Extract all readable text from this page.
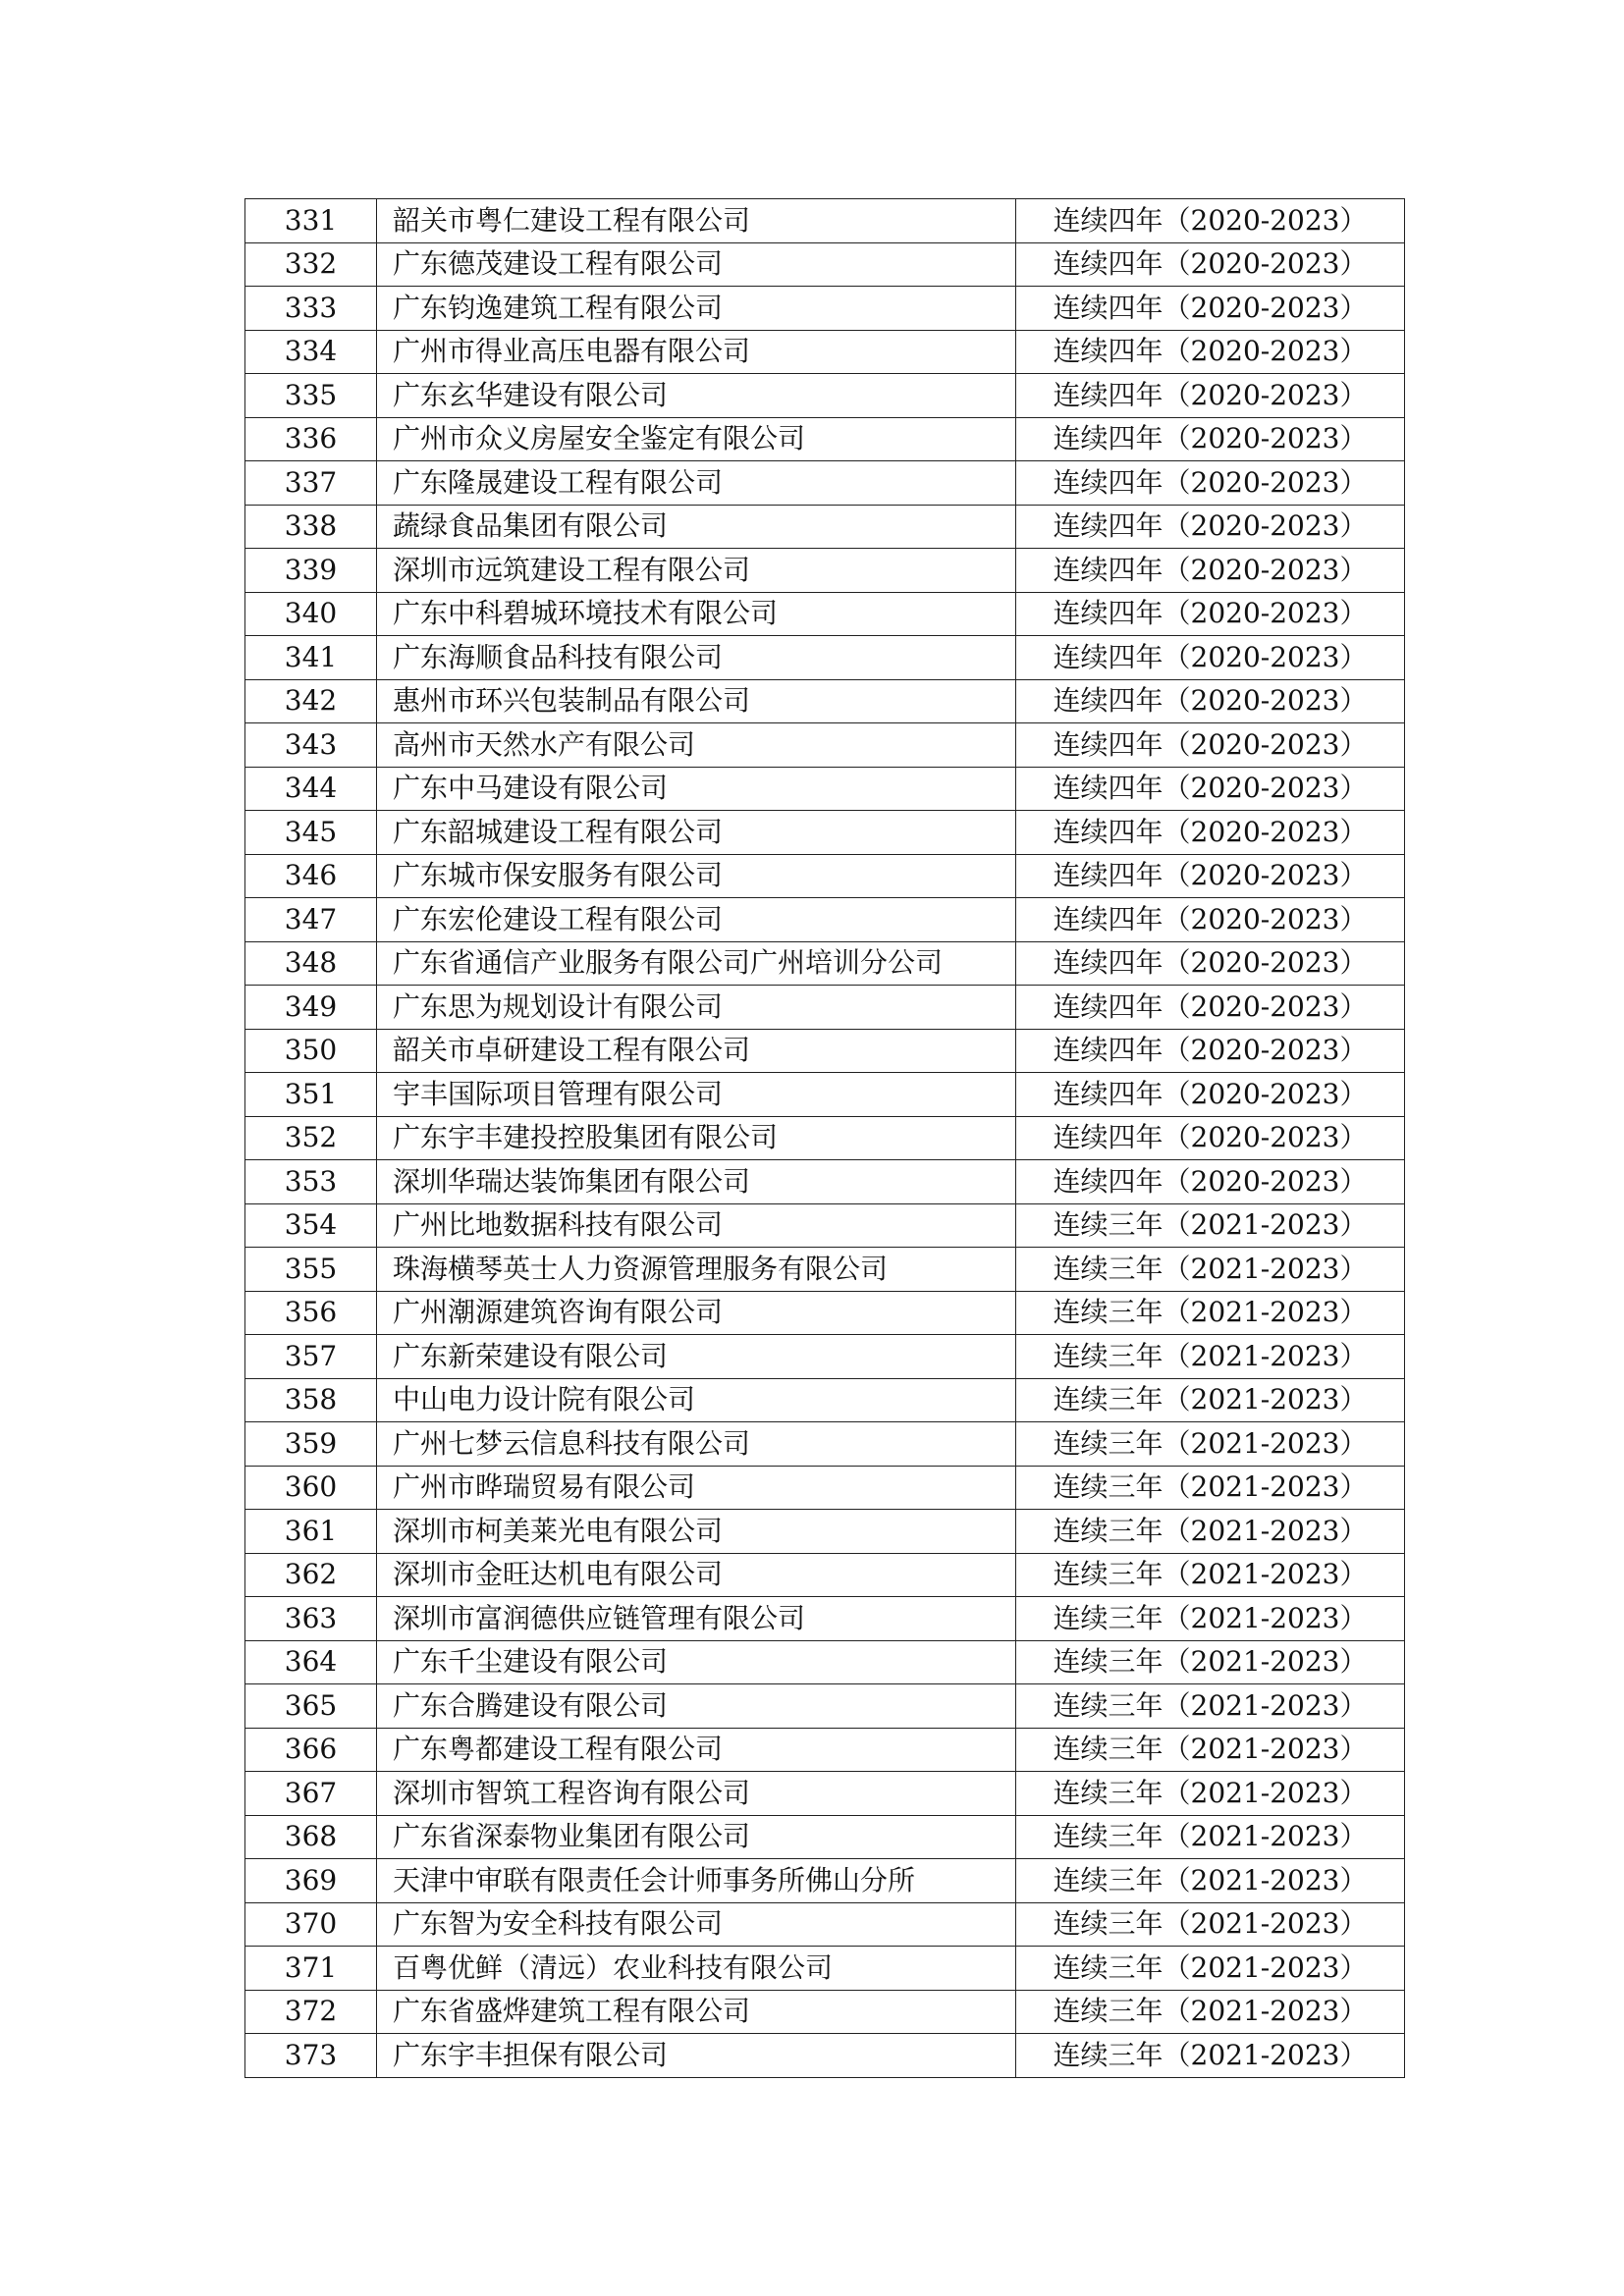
331	韶关市粤仁建设工程有限公司	连续四年（2020-2023）
332	广东德茂建设工程有限公司	连续四年（2020-2023）
333	广东钧逸建筑工程有限公司	连续四年（2020-2023）
334	广州市得业高压电器有限公司	连续四年（2020-2023）
335	广东玄华建设有限公司	连续四年（2020-2023）
336	广州市众义房屋安全鉴定有限公司	连续四年（2020-2023）
337	广东隆晟建设工程有限公司	连续四年（2020-2023）
338	蔬绿食品集团有限公司	连续四年（2020-2023）
339	深圳市远筑建设工程有限公司	连续四年（2020-2023）
340	广东中科碧城环境技术有限公司	连续四年（2020-2023）
341	广东海顺食品科技有限公司	连续四年（2020-2023）
342	惠州市环兴包装制品有限公司	连续四年（2020-2023）
343	高州市天然水产有限公司	连续四年（2020-2023）
344	广东中马建设有限公司	连续四年（2020-2023）
345	广东韶城建设工程有限公司	连续四年（2020-2023）
346	广东城市保安服务有限公司	连续四年（2020-2023）
347	广东宏伦建设工程有限公司	连续四年（2020-2023）
348	广东省通信产业服务有限公司广州培训分公司	连续四年（2020-2023）
349	广东思为规划设计有限公司	连续四年（2020-2023）
350	韶关市卓研建设工程有限公司	连续四年（2020-2023）
351	宇丰国际项目管理有限公司	连续四年（2020-2023）
352	广东宇丰建投控股集团有限公司	连续四年（2020-2023）
353	深圳华瑞达装饰集团有限公司	连续四年（2020-2023）
354	广州比地数据科技有限公司	连续三年（2021-2023）
355	珠海横琴英士人力资源管理服务有限公司	连续三年（2021-2023）
356	广州潮源建筑咨询有限公司	连续三年（2021-2023）
357	广东新荣建设有限公司	连续三年（2021-2023）
358	中山电力设计院有限公司	连续三年（2021-2023）
359	广州七梦云信息科技有限公司	连续三年（2021-2023）
360	广州市晔瑞贸易有限公司	连续三年（2021-2023）
361	深圳市柯美莱光电有限公司	连续三年（2021-2023）
362	深圳市金旺达机电有限公司	连续三年（2021-2023）
363	深圳市富润德供应链管理有限公司	连续三年（2021-2023）
364	广东千尘建设有限公司	连续三年（2021-2023）
365	广东合腾建设有限公司	连续三年（2021-2023）
366	广东粤都建设工程有限公司	连续三年（2021-2023）
367	深圳市智筑工程咨询有限公司	连续三年（2021-2023）
368	广东省深泰物业集团有限公司	连续三年（2021-2023）
369	天津中审联有限责任会计师事务所佛山分所	连续三年（2021-2023）
370	广东智为安全科技有限公司	连续三年（2021-2023）
371	百粤优鲜（清远）农业科技有限公司	连续三年（2021-2023）
372	广东省盛烨建筑工程有限公司	连续三年（2021-2023）
373	广东宇丰担保有限公司	连续三年（2021-2023）
